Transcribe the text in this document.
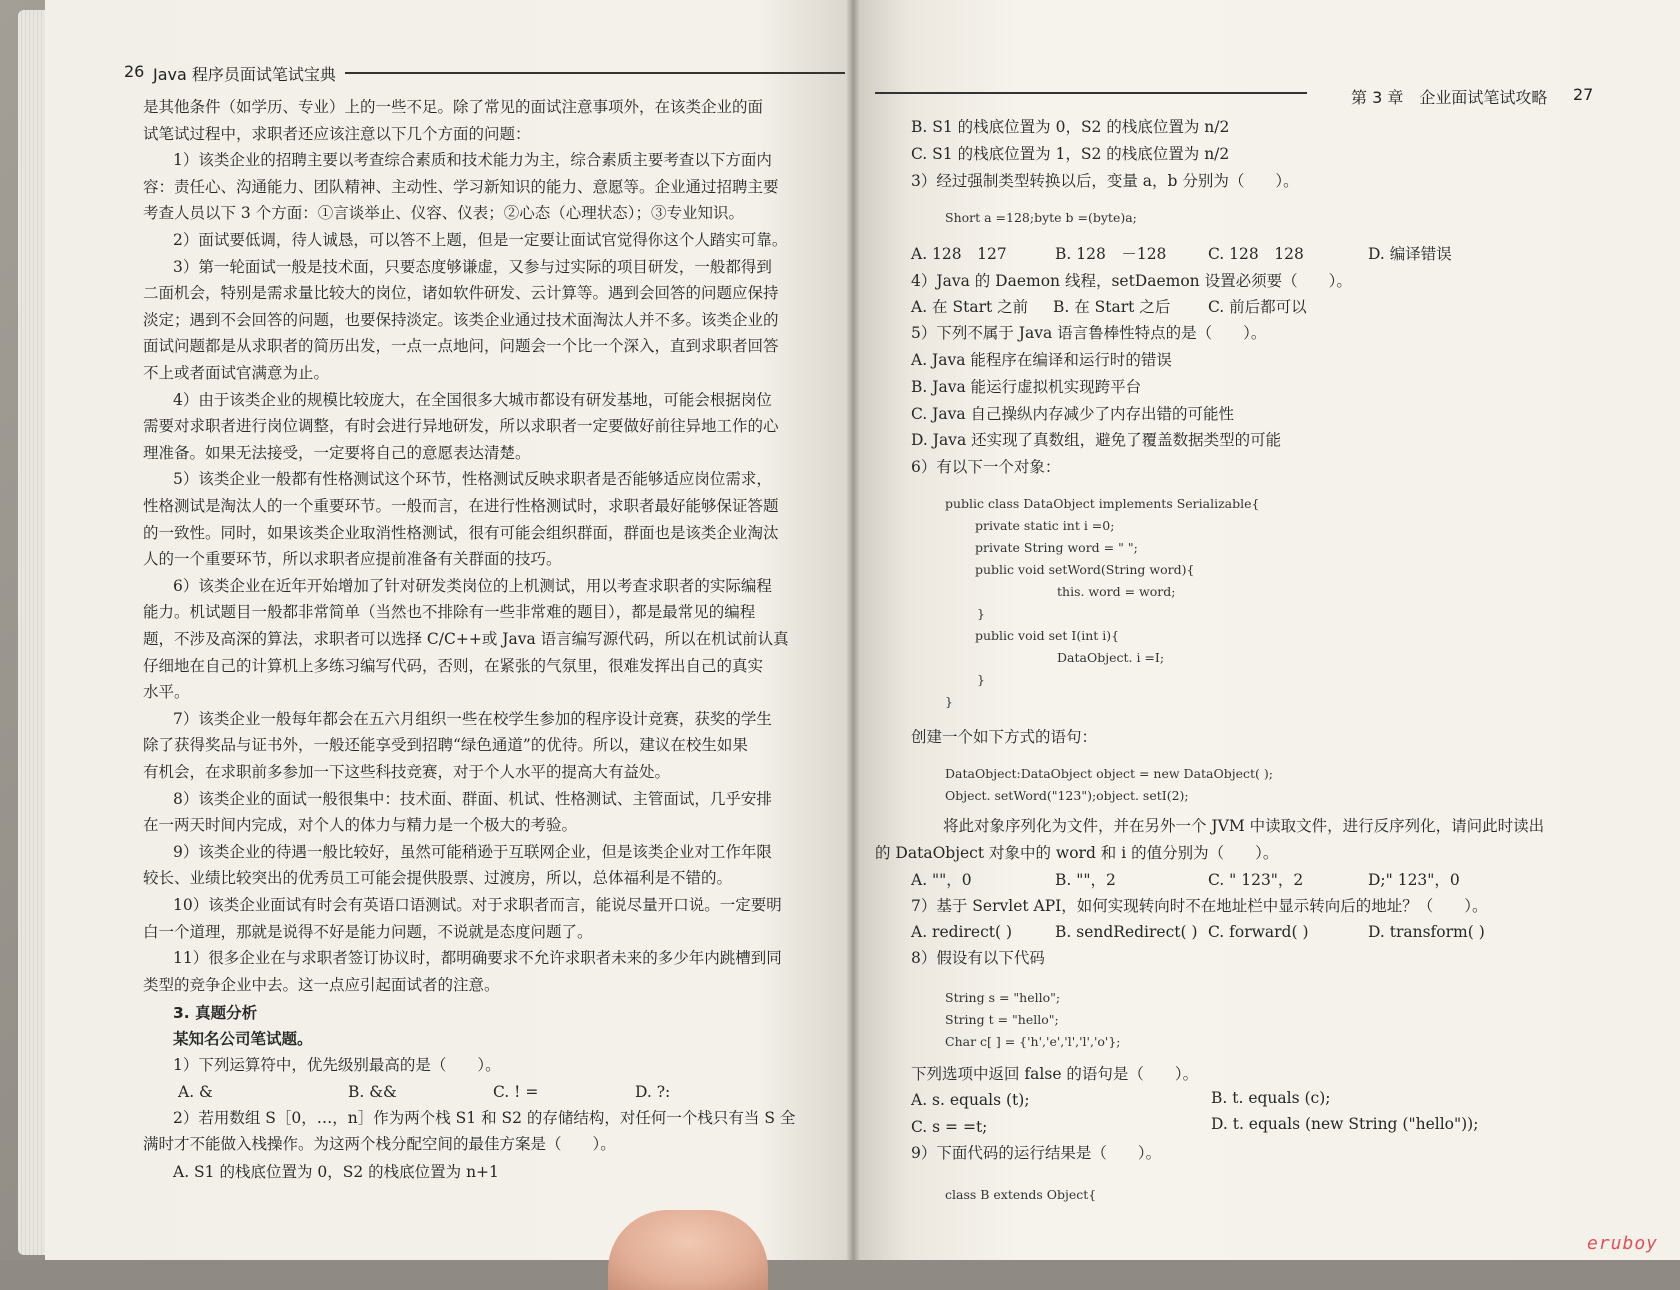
26 Java 程序员面试笔试宝典
是其他条件（如学历、专业）上的一些不足。除了常见的面试注意事项外，在该类企业的面
试笔试过程中，求职者还应该注意以下几个方面的问题：
1）该类企业的招聘主要以考查综合素质和技术能力为主，综合素质主要考查以下方面内
容：责任心、沟通能力、团队精神、主动性、学习新知识的能力、意愿等。企业通过招聘主要
考查人员以下 3 个方面：①言谈举止、仪容、仪表；②心态（心理状态）；③专业知识。
2）面试要低调，待人诚恳，可以答不上题，但是一定要让面试官觉得你这个人踏实可靠。
3）第一轮面试一般是技术面，只要态度够谦虚，又参与过实际的项目研发，一般都得到
二面机会，特别是需求量比较大的岗位，诸如软件研发、云计算等。遇到会回答的问题应保持
淡定；遇到不会回答的问题，也要保持淡定。该类企业通过技术面淘汰人并不多。该类企业的
面试问题都是从求职者的简历出发，一点一点地问，问题会一个比一个深入，直到求职者回答
不上或者面试官满意为止。
4）由于该类企业的规模比较庞大，在全国很多大城市都设有研发基地，可能会根据岗位
需要对求职者进行岗位调整，有时会进行异地研发，所以求职者一定要做好前往异地工作的心
理准备。如果无法接受，一定要将自己的意愿表达清楚。
5）该类企业一般都有性格测试这个环节，性格测试反映求职者是否能够适应岗位需求，
性格测试是淘汰人的一个重要环节。一般而言，在进行性格测试时，求职者最好能够保证答题
的一致性。同时，如果该类企业取消性格测试，很有可能会组织群面，群面也是该类企业淘汰
人的一个重要环节，所以求职者应提前准备有关群面的技巧。
6）该类企业在近年开始增加了针对研发类岗位的上机测试，用以考查求职者的实际编程
能力。机试题目一般都非常简单（当然也不排除有一些非常难的题目），都是最常见的编程
题，不涉及高深的算法，求职者可以选择 C/C++或 Java 语言编写源代码，所以在机试前认真
仔细地在自己的计算机上多练习编写代码，否则，在紧张的气氛里，很难发挥出自己的真实
水平。
7）该类企业一般每年都会在五六月组织一些在校学生参加的程序设计竞赛，获奖的学生
除了获得奖品与证书外，一般还能享受到招聘“绿色通道”的优待。所以，建议在校生如果
有机会，在求职前多参加一下这些科技竞赛，对于个人水平的提高大有益处。
8）该类企业的面试一般很集中：技术面、群面、机试、性格测试、主管面试，几乎安排
在一两天时间内完成，对个人的体力与精力是一个极大的考验。
9）该类企业的待遇一般比较好，虽然可能稍逊于互联网企业，但是该类企业对工作年限
较长、业绩比较突出的优秀员工可能会提供股票、过渡房，所以，总体福利是不错的。
10）该类企业面试有时会有英语口语测试。对于求职者而言，能说尽量开口说。一定要明
白一个道理，那就是说得不好是能力问题，不说就是态度问题了。
11）很多企业在与求职者签订协议时，都明确要求不允许求职者未来的多少年内跳槽到同
类型的竞争企业中去。这一点应引起面试者的注意。
3. 真题分析
某知名公司笔试题。
1）下列运算符中，优先级别最高的是（　　）。
A. &	B. &&	C. ! =	D. ?:
2）若用数组 S［0，…，n］作为两个栈 S1 和 S2 的存储结构，对任何一个栈只有当 S 全
满时才不能做入栈操作。为这两个栈分配空间的最佳方案是（　　）。
A. S1 的栈底位置为 0，S2 的栈底位置为 n+1
第 3 章　企业面试笔试攻略 27
B. S1 的栈底位置为 0，S2 的栈底位置为 n/2
C. S1 的栈底位置为 1，S2 的栈底位置为 n/2
3）经过强制类型转换以后，变量 a，b 分别为（　　）。
Short a =128;byte b =(byte)a;
A. 128　127	B. 128　－128	C. 128　128	D. 编译错误
4）Java 的 Daemon 线程，setDaemon 设置必须要（　　）。
A. 在 Start 之前 B. 在 Start 之后 C. 前后都可以
5）下列不属于 Java 语言鲁棒性特点的是（　　）。
A. Java 能程序在编译和运行时的错误
B. Java 能运行虚拟机实现跨平台
C. Java 自己操纵内存减少了内存出错的可能性
D. Java 还实现了真数组，避免了覆盖数据类型的可能
6）有以下一个对象：
public class DataObject implements Serializable{
private static int i =0;
private String word = " ";
public void setWord(String word){
this. word = word;
}
public void set I(int i){
DataObject. i =I;
}
}
创建一个如下方式的语句：
DataObject:DataObject object = new DataObject( );
Object. setWord("123");object. setI(2);
将此对象序列化为文件，并在另外一个 JVM 中读取文件，进行反序列化，请问此时读出
的 DataObject 对象中的 word 和 i 的值分别为（　　）。
A. ""，0	B. ""，2	C. " 123"，2	D;" 123"，0
7）基于 Servlet API，如何实现转向时不在地址栏中显示转向后的地址？（　　）。
A. redirect( )	B. sendRedirect( ) C. forward( )	D. transform( )
8）假设有以下代码
String s = "hello";
String t = "hello";
Char c[ ] = {'h','e','l','l','o'};
下列选项中返回 false 的语句是（　　）。
A. s. equals (t);	B. t. equals (c);
C. s = =t;	D. t. equals (new String ("hello"));
9）下面代码的运行结果是（　　）。
class B extends Object{
eruboy
